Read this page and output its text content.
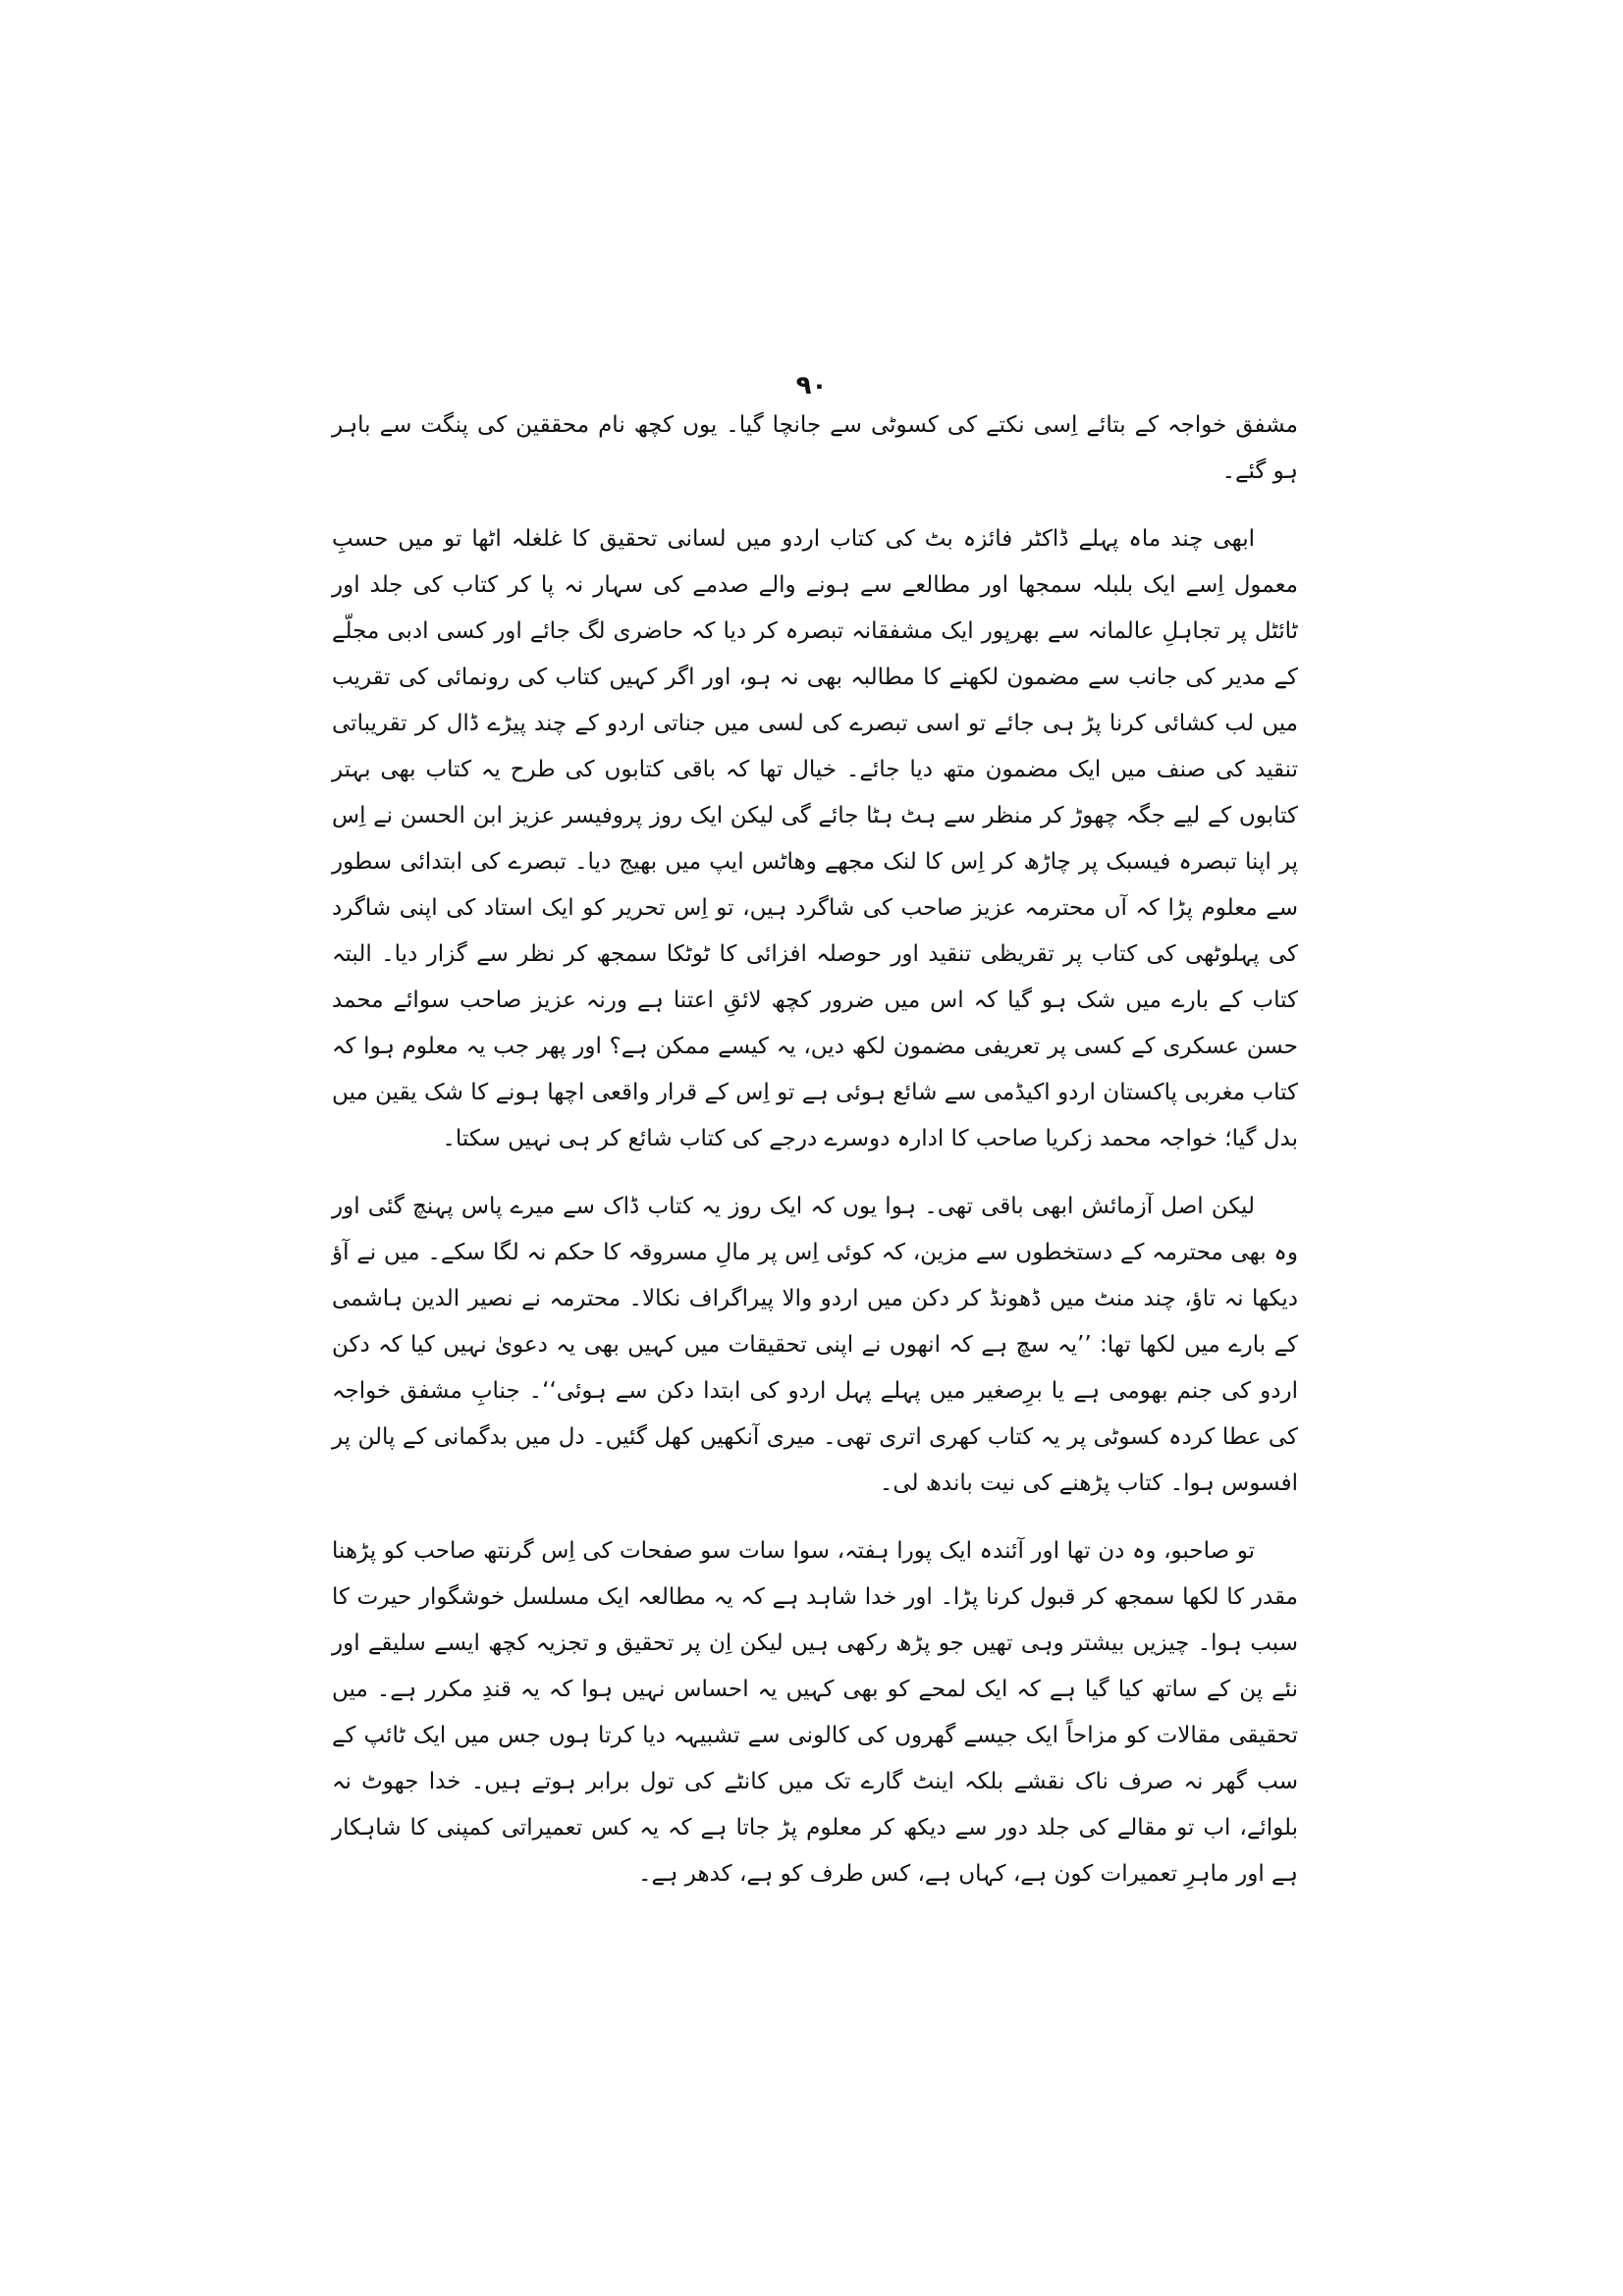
۹۰

مشفق خواجہ کے بتائے اِسی نکتے کی کسوٹی سے جانچا گیا۔ یوں کچھ نام محققین کی پنگت سے باہر ہو گئے۔

ابھی چند ماہ پہلے ڈاکٹر فائزہ بٹ کی کتاب اردو میں لسانی تحقیق کا غلغلہ اٹھا تو میں حسبِ معمول اِسے ایک بلبلہ سمجھا اور مطالعے سے ہونے والے صدمے کی سہار نہ پا کر کتاب کی جلد اور ٹائٹل پر تجاہلِ عالمانہ سے بھرپور ایک مشفقانہ تبصرہ کر دیا کہ حاضری لگ جائے اور کسی ادبی مجلّے کے مدیر کی جانب سے مضمون لکھنے کا مطالبہ بھی نہ ہو، اور اگر کہیں کتاب کی رونمائی کی تقریب میں لب کشائی کرنا پڑ ہی جائے تو اسی تبصرے کی لسی میں جناتی اردو کے چند پیڑے ڈال کر تقریباتی تنقید کی صنف میں ایک مضمون متھ دیا جائے۔ خیال تھا کہ باقی کتابوں کی طرح یہ کتاب بھی بہتر کتابوں کے لیے جگہ چھوڑ کر منظر سے ہٹ ہٹا جائے گی لیکن ایک روز پروفیسر عزیز ابن الحسن نے اِس پر اپنا تبصرہ فیسبک پر چاڑھ کر اِس کا لنک مجھے وھاٹس ایپ میں بھیج دیا۔ تبصرے کی ابتدائی سطور سے معلوم پڑا کہ آں محترمہ عزیز صاحب کی شاگرد ہیں، تو اِس تحریر کو ایک استاد کی اپنی شاگرد کی پہلوٹھی کی کتاب پر تقریظی تنقید اور حوصلہ افزائی کا ٹوٹکا سمجھ کر نظر سے گزار دیا۔ البتہ کتاب کے بارے میں شک ہو گیا کہ اس میں ضرور کچھ لائقِ اعتنا ہے ورنہ عزیز صاحب سوائے محمد حسن عسکری کے کسی پر تعریفی مضمون لکھ دیں، یہ کیسے ممکن ہے؟ اور پھر جب یہ معلوم ہوا کہ کتاب مغربی پاکستان اردو اکیڈمی سے شائع ہوئی ہے تو اِس کے قرار واقعی اچھا ہونے کا شک یقین میں بدل گیا؛ خواجہ محمد زکریا صاحب کا ادارہ دوسرے درجے کی کتاب شائع کر ہی نہیں سکتا۔

لیکن اصل آزمائش ابھی باقی تھی۔ ہوا یوں کہ ایک روز یہ کتاب ڈاک سے میرے پاس پہنچ گئی اور وہ بھی محترمہ کے دستخطوں سے مزین، کہ کوئی اِس پر مالِ مسروقہ کا حکم نہ لگا سکے۔ میں نے آؤ دیکھا نہ تاؤ، چند منٹ میں ڈھونڈ کر دکن میں اردو والا پیراگراف نکالا۔ محترمہ نے نصیر الدین ہاشمی کے بارے میں لکھا تھا: ’’یہ سچ ہے کہ انھوں نے اپنی تحقیقات میں کہیں بھی یہ دعویٰ نہیں کیا کہ دکن اردو کی جنم بھومی ہے یا برِصغیر میں پہلے پہل اردو کی ابتدا دکن سے ہوئی‘‘۔ جنابِ مشفق خواجہ کی عطا کردہ کسوٹی پر یہ کتاب کھری اتری تھی۔ میری آنکھیں کھل گئیں۔ دل میں بدگمانی کے پالن پر افسوس ہوا۔ کتاب پڑھنے کی نیت باندھ لی۔

تو صاحبو، وہ دن تھا اور آئندہ ایک پورا ہفتہ، سوا سات سو صفحات کی اِس گرنتھ صاحب کو پڑھنا مقدر کا لکھا سمجھ کر قبول کرنا پڑا۔ اور خدا شاہد ہے کہ یہ مطالعہ ایک مسلسل خوشگوار حیرت کا سبب ہوا۔ چیزیں بیشتر وہی تھیں جو پڑھ رکھی ہیں لیکن اِن پر تحقیق و تجزیہ کچھ ایسے سلیقے اور نئے پن کے ساتھ کیا گیا ہے کہ ایک لمحے کو بھی کہیں یہ احساس نہیں ہوا کہ یہ قندِ مکرر ہے۔ میں تحقیقی مقالات کو مزاحاً ایک جیسے گھروں کی کالونی سے تشبیہہ دیا کرتا ہوں جس میں ایک ٹائپ کے سب گھر نہ صرف ناک نقشے بلکہ اینٹ گارے تک میں کانٹے کی تول برابر ہوتے ہیں۔ خدا جھوٹ نہ بلوائے، اب تو مقالے کی جلد دور سے دیکھ کر معلوم پڑ جاتا ہے کہ یہ کس تعمیراتی کمپنی کا شاہکار ہے اور ماہرِ تعمیرات کون ہے، کہاں ہے، کس طرف کو ہے، کدھر ہے۔
